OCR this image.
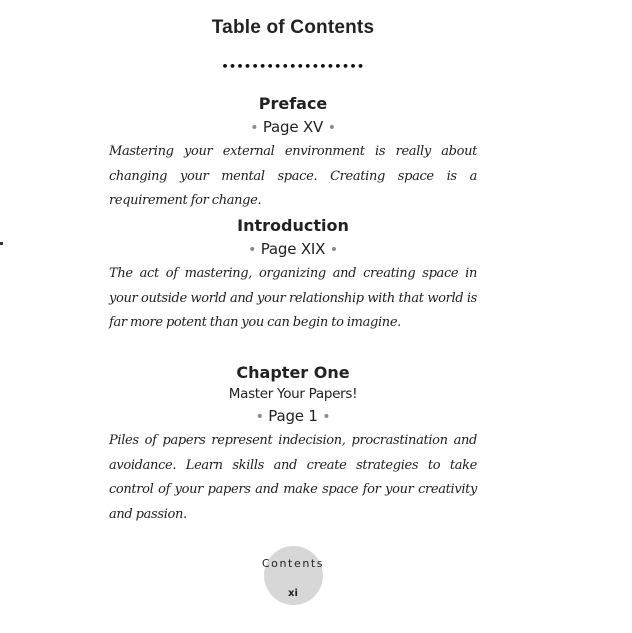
Table of Contents
•••••••••••••••••••
Preface
• Page XV •
Mastering your external environment is really about changing your mental space. Creating space is a requirement for change.
Introduction
• Page XIX •
The act of mastering, organizing and creating space in your outside world and your relationship with that world is far more potent than you can begin to imagine.
Chapter One
Master Your Papers!
• Page 1 •
Piles of papers represent indecision, procrastination and avoidance. Learn skills and create strategies to take control of your papers and make space for your creativity and passion.
Contents
xi
